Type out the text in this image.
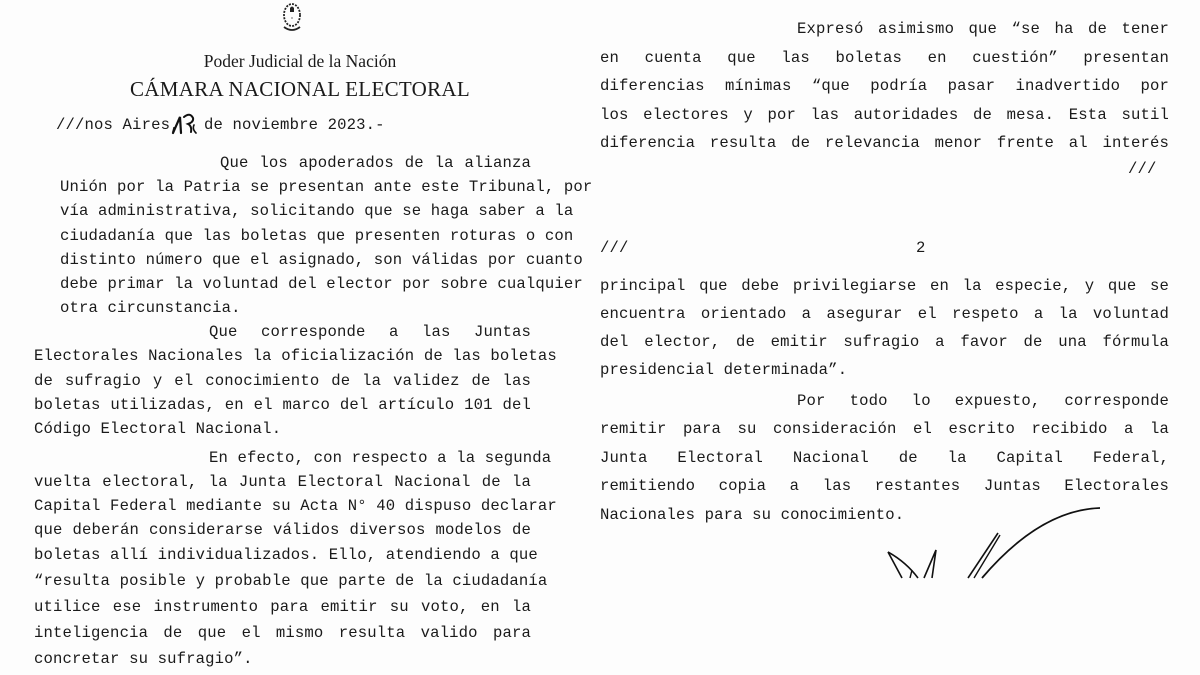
Poder Judicial de la Nación
CÁMARA NACIONAL ELECTORAL
///nos Aires, de noviembre 2023.-
Que los apoderados de la alianza
Unión por la Patria se presentan ante este Tribunal, por
vía administrativa, solicitando que se haga saber a la
ciudadanía que las boletas que presenten roturas o con
distinto número que el asignado, son válidas por cuanto
debe primar la voluntad del elector por sobre cualquier
otra circunstancia.
Que corresponde a las Juntas
Electorales Nacionales la oficialización de las boletas
de sufragio y el conocimiento de la validez de las
boletas utilizadas, en el marco del artículo 101 del
Código Electoral Nacional.
En efecto, con respecto a la segunda
vuelta electoral, la Junta Electoral Nacional de la
Capital Federal mediante su Acta N° 40 dispuso declarar
que deberán considerarse válidos diversos modelos de
boletas allí individualizados. Ello, atendiendo a que
“resulta posible y probable que parte de la ciudadanía
utilice ese instrumento para emitir su voto, en la
inteligencia de que el mismo resulta valido para
concretar su sufragio”.
Expresó asimismo que “se ha de tener
en cuenta que las boletas en cuestión” presentan
diferencias mínimas “que podría pasar inadvertido por
los electores y por las autoridades de mesa. Esta sutil
diferencia resulta de relevancia menor frente al interés
///
///	2
principal que debe privilegiarse en la especie, y que se
encuentra orientado a asegurar el respeto a la voluntad
del elector, de emitir sufragio a favor de una fórmula
presidencial determinada”.
Por todo lo expuesto, corresponde
remitir para su consideración el escrito recibido a la
Junta Electoral Nacional de la Capital Federal,
remitiendo copia a las restantes Juntas Electorales
Nacionales para su conocimiento.
